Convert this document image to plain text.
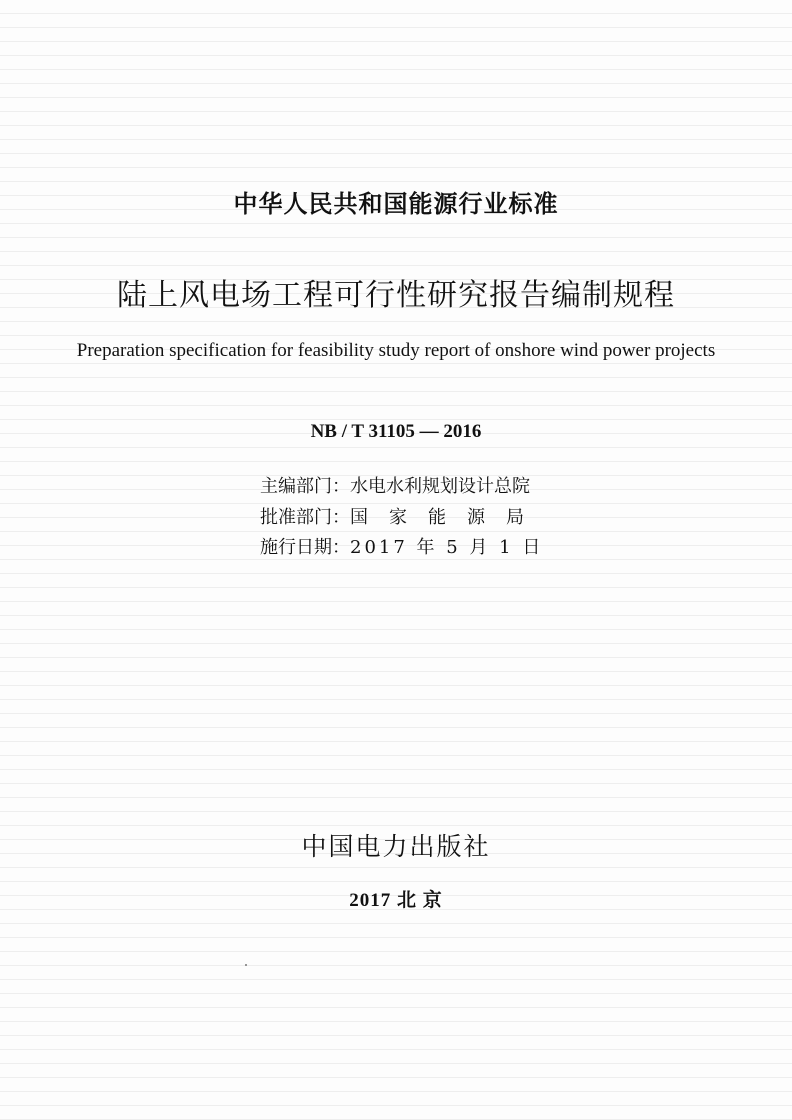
中华人民共和国能源行业标准
陆上风电场工程可行性研究报告编制规程
Preparation specification for feasibility study report of onshore wind power projects
NB / T 31105 — 2016
主编部门 ： 水电水利规划设计总院
批准部门 ： 国家能源局
施行日期 ： 2017 年 5 月 1 日
中国电力出版社
2017 北 京
